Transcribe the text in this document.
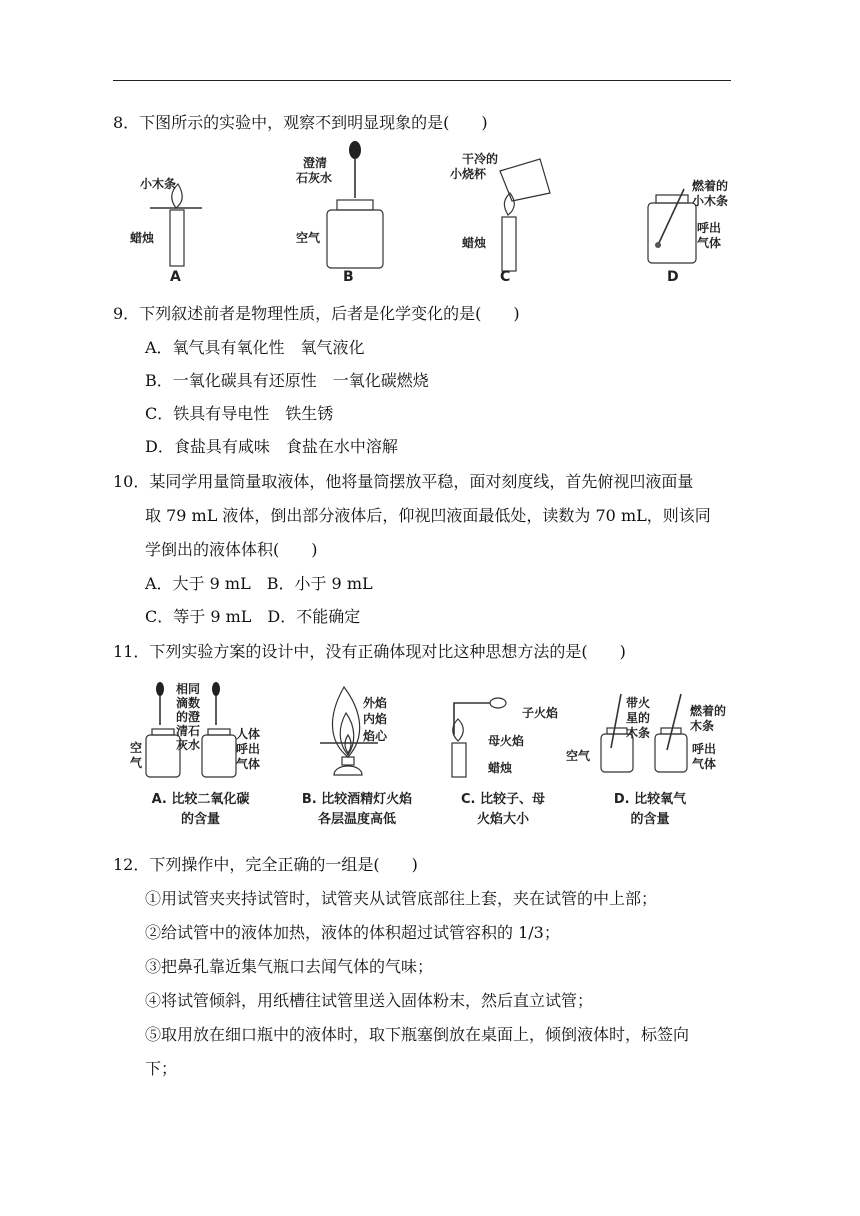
8．下图所示的实验中，观察不到明显现象的是(　　)
小木条
蜡烛
A
澄清
石灰水
空气
B
干冷的
小烧杯
蜡烛
C
燃着的
小木条
呼出
气体
D
9．下列叙述前者是物理性质，后者是化学变化的是(　　)
A．氧气具有氧化性　氧气液化
B．一氧化碳具有还原性　一氧化碳燃烧
C．铁具有导电性　铁生锈
D．食盐具有咸味　食盐在水中溶解
10．某同学用量筒量取液体，他将量筒摆放平稳，面对刻度线，首先俯视凹液面量
取 79 mL 液体，倒出部分液体后，仰视凹液面最低处，读数为 70 mL，则该同
学倒出的液体体积(　　)
A．大于 9 mL　B．小于 9 mL
C．等于 9 mL　D．不能确定
11．下列实验方案的设计中，没有正确体现对比这种思想方法的是(　　)
相同
滴数
的澄
清石
灰水
空
气
人体
呼出
气体
A. 比较二氧化碳
的含量
外焰
内焰
焰心
B. 比较酒精灯火焰
各层温度高低
子火焰
母火焰
蜡烛
C. 比较子、母
火焰大小
带火
星的
木条
燃着的
木条
空气	呼出
气体
D. 比较氧气
的含量
12．下列操作中，完全正确的一组是(　　)
①用试管夹夹持试管时，试管夹从试管底部往上套，夹在试管的中上部；
②给试管中的液体加热，液体的体积超过试管容积的 1/3；
③把鼻孔靠近集气瓶口去闻气体的气味；
④将试管倾斜，用纸槽往试管里送入固体粉末，然后直立试管；
⑤取用放在细口瓶中的液体时，取下瓶塞倒放在桌面上，倾倒液体时，标签向
下；
